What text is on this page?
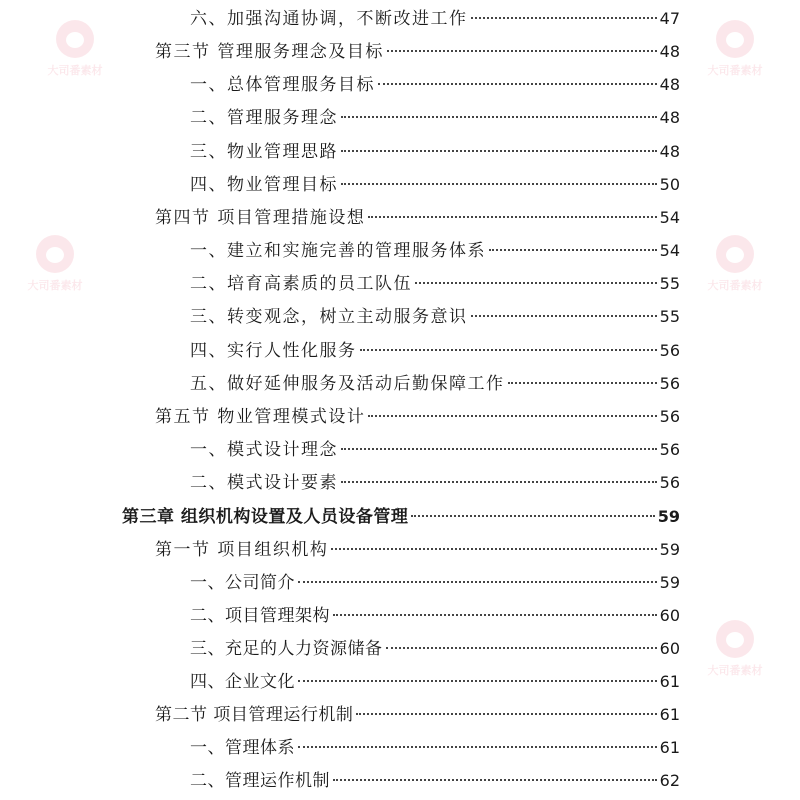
大司番素材	大司番素材
大司番素材	大司番素材
大司番素材
六、加强沟通协调，不断改进工作	47
第三节 管理服务理念及目标	48
一、总体管理服务目标	48
二、管理服务理念	48
三、物业管理思路	48
四、物业管理目标	50
第四节 项目管理措施设想	54
一、建立和实施完善的管理服务体系	54
二、培育高素质的员工队伍	55
三、转变观念，树立主动服务意识	55
四、实行人性化服务	56
五、做好延伸服务及活动后勤保障工作	56
第五节 物业管理模式设计	56
一、模式设计理念	56
二、模式设计要素	56
第三章 组织机构设置及人员设备管理	59
第一节 项目组织机构	59
一、公司简介	59
二、项目管理架构	60
三、充足的人力资源储备	60
四、企业文化	61
第二节 项目管理运行机制	61
一、管理体系	61
二、管理运作机制	62
